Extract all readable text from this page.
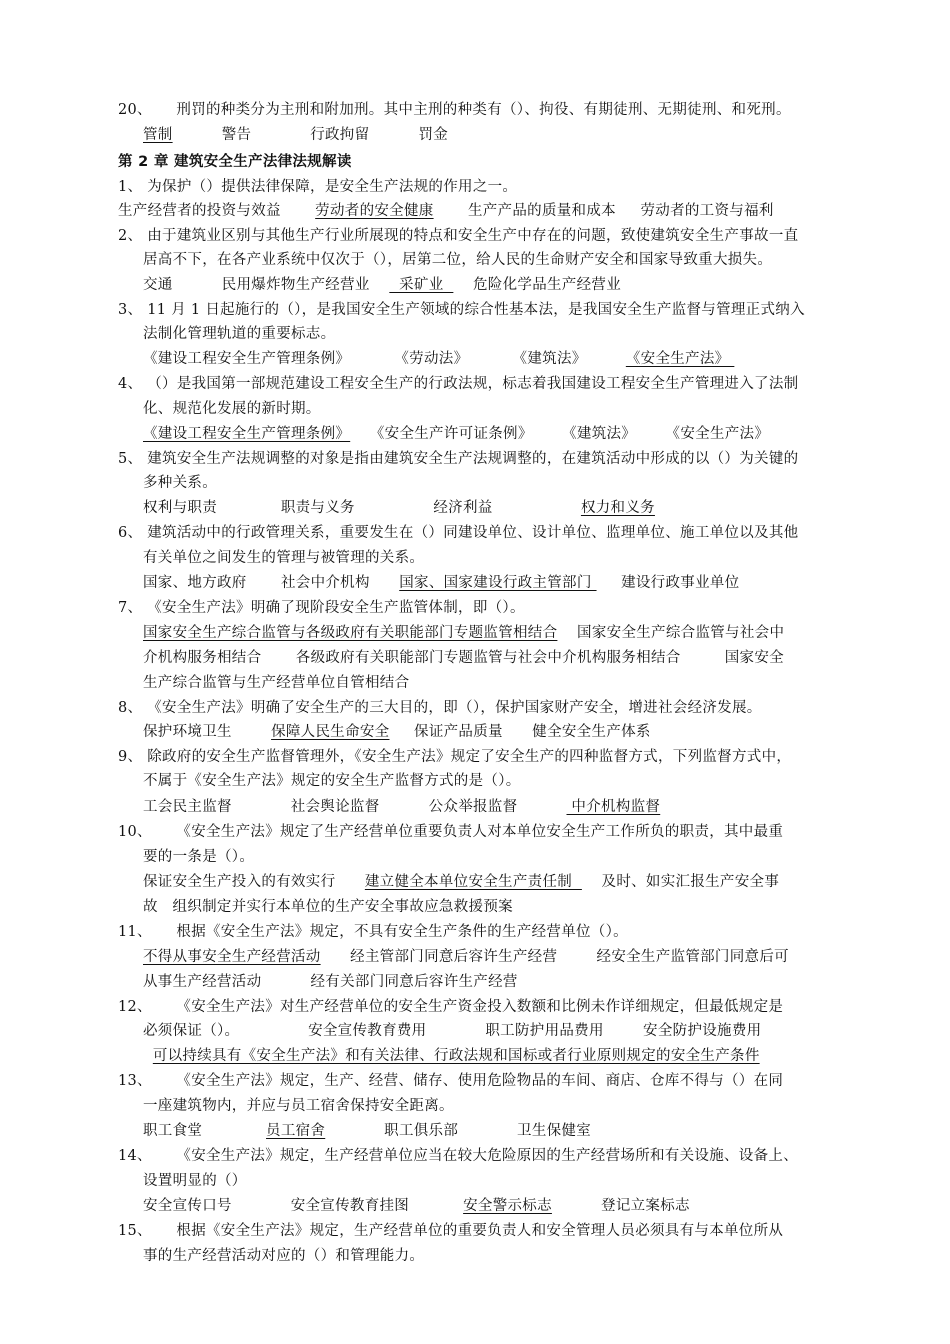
20、     刑罚的种类分为主刑和附加刑。其中主刑的种类有（）、拘役、有期徒刑、无期徒刑、和死刑。
管制          警告            行政拘留          罚金
第 2 章 建筑安全生产法律法规解读
1、 为保护（）提供法律保障，是安全生产法规的作用之一。
生产经营者的投资与效益       劳动者的安全健康       生产产品的质量和成本     劳动者的工资与福利
2、 由于建筑业区别与其他生产行业所展现的特点和安全生产中存在的问题，致使建筑安全生产事故一直
居高不下，在各产业系统中仅次于（），居第二位，给人民的生命财产安全和国家导致重大损失。
交通          民用爆炸物生产经营业      采矿业      危险化学品生产经营业
3、 11 月 1 日起施行的（），是我国安全生产领域的综合性基本法，是我国安全生产监督与管理正式纳入
法制化管理轨道的重要标志。
《建设工程安全生产管理条例》         《劳动法》         《建筑法》        《安全生产法》
4、 （）是我国第一部规范建设工程安全生产的行政法规，标志着我国建设工程安全生产管理进入了法制
化、规范化发展的新时期。
《建设工程安全生产管理条例》    《安全生产许可证条例》      《建筑法》      《安全生产法》
5、 建筑安全生产法规调整的对象是指由建筑安全生产法规调整的，在建筑活动中形成的以（）为关键的
多种关系。
权利与职责             职责与义务                经济利益                  权力和义务
6、 建筑活动中的行政管理关系，重要发生在（）同建设单位、设计单位、监理单位、施工单位以及其他
有关单位之间发生的管理与被管理的关系。
国家、地方政府       社会中介机构      国家、国家建设行政主管部门      建设行政事业单位
7、 《安全生产法》明确了现阶段安全生产监管体制，即（）。
国家安全生产综合监管与各级政府有关职能部门专题监管相结合    国家安全生产综合监管与社会中
介机构服务相结合       各级政府有关职能部门专题监管与社会中介机构服务相结合         国家安全
生产综合监管与生产经营单位自管相结合
8、 《安全生产法》明确了安全生产的三大目的，即（），保护国家财产安全，增进社会经济发展。
保护环境卫生        保障人民生命安全     保证产品质量      健全安全生产体系
9、 除政府的安全生产监督管理外，《安全生产法》规定了安全生产的四种监督方式，下列监督方式中，
不属于《安全生产法》规定的安全生产监督方式的是（）。
工会民主监督            社会舆论监督          公众举报监督           中介机构监督
10、     《安全生产法》规定了生产经营单位重要负责人对本单位安全生产工作所负的职责，其中最重
要的一条是（）。
保证安全生产投入的有效实行      建立健全本单位安全生产责任制      及时、如实汇报生产安全事
故   组织制定并实行本单位的生产安全事故应急救援预案
11、     根据《安全生产法》规定，不具有安全生产条件的生产经营单位（）。
不得从事安全生产经营活动      经主管部门同意后容许生产经营        经安全生产监管部门同意后可
从事生产经营活动          经有关部门同意后容许生产经营
12、     《安全生产法》对生产经营单位的安全生产资金投入数额和比例未作详细规定，但最低规定是
必须保证（）。              安全宣传教育费用            职工防护用品费用        安全防护设施费用
可以持续具有《安全生产法》和有关法律、行政法规和国标或者行业原则规定的安全生产条件
13、     《安全生产法》规定，生产、经营、储存、使用危险物品的车间、商店、仓库不得与（）在同
一座建筑物内，并应与员工宿舍保持安全距离。
职工食堂             员工宿舍            职工俱乐部            卫生保健室
14、     《安全生产法》规定，生产经营单位应当在较大危险原因的生产经营场所和有关设施、设备上、
设置明显的（）
安全宣传口号            安全宣传教育挂图           安全警示标志          登记立案标志
15、     根据《安全生产法》规定，生产经营单位的重要负责人和安全管理人员必须具有与本单位所从
事的生产经营活动对应的（）和管理能力。
